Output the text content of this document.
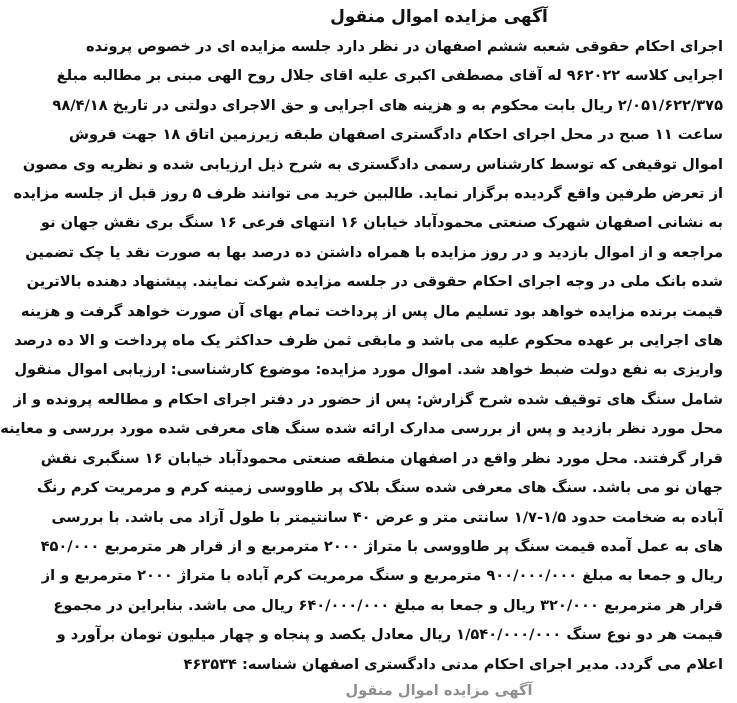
آگهی مزایده اموال منقول
اجرای احکام حقوقی شعبه ششم اصفهان در نظر دارد جلسه مزایده ای در خصوص پرونده
اجرایی کلاسه ۹۶۲۰۲۲ له آقای مصطفی اکبری علیه اقای جلال روح الهی مبنی بر مطالبه مبلغ
۲/۰۵۱/۶۲۲/۳۷۵ ریال بابت محکوم به و هزینه های اجرایی و حق الاجرای دولتی در تاریخ ۹۸/۴/۱۸
ساعت ۱۱ صبح در محل اجرای احکام دادگستری اصفهان طبقه زیرزمین اتاق ۱۸ جهت فروش
اموال توقیفی که توسط کارشناس رسمی دادگستری به شرح ذیل ارزیابی شده و نظریه وی مصون
از تعرض طرفین واقع گردیده برگزار نماید. طالبین خرید می توانند ظرف ۵ روز قبل از جلسه مزایده
به نشانی اصفهان شهرک صنعتی محمودآباد خیابان ۱۶ انتهای فرعی ۱۶ سنگ بری نقش جهان نو
مراجعه و از اموال بازدید و در روز مزایده با همراه داشتن ده درصد بها به صورت نقد یا چک تضمین
شده بانک ملی در وجه اجرای احکام حقوقی در جلسه مزایده شرکت نمایند. پیشنهاد دهنده بالاترین
قیمت برنده مزایده خواهد بود تسلیم مال پس از پرداخت تمام بهای آن صورت خواهد گرفت و هزینه
های اجرایی بر عهده محکوم علیه می باشد و مابقی ثمن ظرف حداکثر یک ماه پرداخت و الا ده درصد
واریزی به نفع دولت ضبط خواهد شد. اموال مورد مزایده: موضوع کارشناسی: ارزیابی اموال منقول
شامل سنگ های توقیف شده شرح گزارش: پس از حضور در دفتر اجرای احکام و مطالعه پرونده و از
محل مورد نظر بازدید و پس از بررسی مدارک ارائه شده سنگ های معرفی شده مورد بررسی و معاینه
قرار گرفتند. محل مورد نظر واقع در اصفهان منطقه صنعتی محمودآباد خیابان ۱۶ سنگبری نقش
جهان نو می باشد. سنگ های معرفی شده سنگ بلاک پر طاووسی زمینه کرم و مرمریت کرم رنگ
آباده به ضخامت حدود ۱/۵-۱/۷ سانتی متر و عرض ۴۰ سانتیمتر با طول آزاد می باشد. با بررسی
های به عمل آمده قیمت سنگ پر طاووسی با متراژ ۲۰۰۰ مترمربع و از قرار هر مترمربع ۴۵۰/۰۰۰
ریال و جمعا به مبلغ ۹۰۰/۰۰۰/۰۰۰ مترمربع و سنگ مرمریت کرم آباده با متراژ ۲۰۰۰ مترمربع و از
قرار هر مترمربع ۳۲۰/۰۰۰ ریال و جمعا به مبلغ ۶۴۰/۰۰۰/۰۰۰ ریال می باشد. بنابراین در مجموع
قیمت هر دو نوع سنگ ۱/۵۴۰/۰۰۰/۰۰۰ ریال معادل یکصد و پنجاه و چهار میلیون تومان برآورد و
اعلام می گردد. مدیر اجرای احکام مدنی دادگستری اصفهان شناسه: ۴۶۳۵۳۴
آگهی مزایده اموال منقول
